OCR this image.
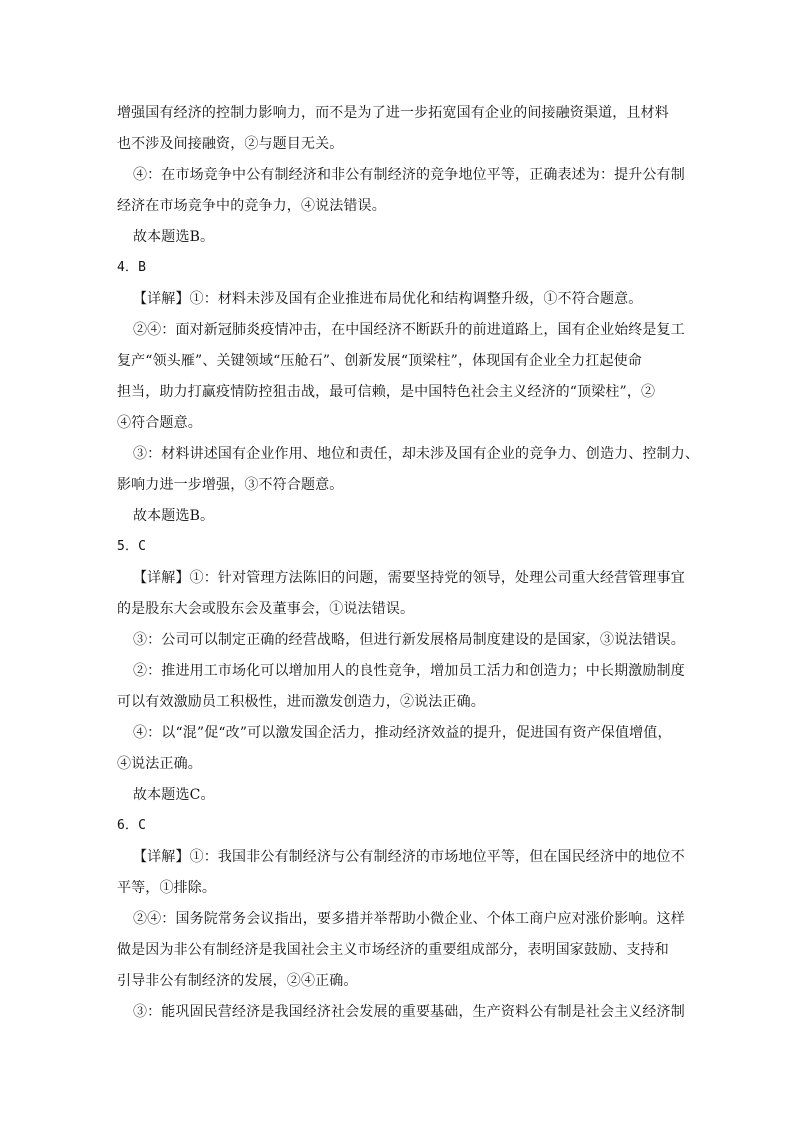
增强国有经济的控制力影响力，而不是为了进一步拓宽国有企业的间接融资渠道，且材料
也不涉及间接融资，②与题目无关。
④：在市场竞争中公有制经济和非公有制经济的竞争地位平等，正确表述为：提升公有制
经济在市场竞争中的竞争力，④说法错误。
故本题选B。
4．B
【详解】①：材料未涉及国有企业推进布局优化和结构调整升级，①不符合题意。
②④：面对新冠肺炎疫情冲击，在中国经济不断跃升的前进道路上，国有企业始终是复工
复产“领头雁”、关键领域“压舱石”、创新发展“顶梁柱”，体现国有企业全力扛起使命
担当，助力打赢疫情防控狙击战，最可信赖，是中国特色社会主义经济的“顶梁柱”，②
④符合题意。
③：材料讲述国有企业作用、地位和责任，却未涉及国有企业的竞争力、创造力、控制力、
影响力进一步增强，③不符合题意。
故本题选B。
5．C
【详解】①：针对管理方法陈旧的问题，需要坚持党的领导，处理公司重大经营管理事宜
的是股东大会或股东会及董事会，①说法错误。
③：公司可以制定正确的经营战略，但进行新发展格局制度建设的是国家，③说法错误。
②：推进用工市场化可以增加用人的良性竞争，增加员工活力和创造力；中长期激励制度
可以有效激励员工积极性，进而激发创造力，②说法正确。
④：以“混”促“改”可以激发国企活力，推动经济效益的提升，促进国有资产保值增值，
④说法正确。
故本题选C。
6．C
【详解】①：我国非公有制经济与公有制经济的市场地位平等，但在国民经济中的地位不
平等，①排除。
②④：国务院常务会议指出，要多措并举帮助小微企业、个体工商户应对涨价影响。这样
做是因为非公有制经济是我国社会主义市场经济的重要组成部分，表明国家鼓励、支持和
引导非公有制经济的发展，②④正确。
③：能巩固民营经济是我国经济社会发展的重要基础，生产资料公有制是社会主义经济制
